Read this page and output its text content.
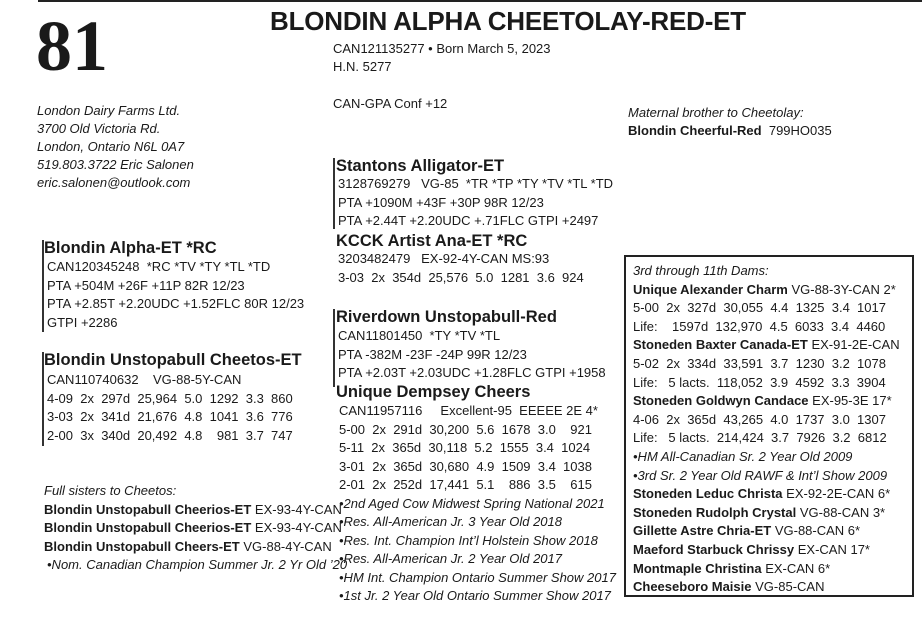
81	BLONDIN ALPHA CHEETOLAY-RED-ET
CAN121135277 • Born March 5, 2023
H.N. 5277
CAN-GPA Conf +12
London Dairy Farms Ltd.
3700 Old Victoria Rd.
London, Ontario N6L 0A7
519.803.3722 Eric Salonen
eric.salonen@outlook.com
Maternal brother to Cheetolay:
Blondin Cheerful-Red 799HO035
Stantons Alligator-ET
3128769279   VG-85  *TR *TP *TY *TV *TL *TD
PTA +1090M +43F +30P 98R 12/23
PTA +2.44T +2.20UDC +.71FLC GTPI +2497
KCCK Artist Ana-ET *RC
3203482479   EX-92-4Y-CAN MS:93
3-03  2x  354d  25,576  5.0  1281  3.6  924
Blondin Alpha-ET *RC
CAN120345248  *RC *TV *TY *TL *TD
PTA +504M +26F +11P 82R 12/23
PTA +2.85T +2.20UDC +1.52FLC 80R 12/23
GTPI +2286	Riverdown Unstopabull-Red
CAN11801450  *TY *TV *TL
PTA -382M -23F -24P 99R 12/23
PTA +2.03T +2.03UDC +1.28FLC GTPI +1958
Blondin Unstopabull Cheetos-ET
CAN110740632    VG-88-5Y-CAN
4-09  2x  297d  25,964  5.0  1292  3.3  860
3-03  2x  341d  21,676  4.8  1041  3.6  776
2-00  3x  340d  20,492  4.8    981  3.7  747
Unique Dempsey Cheers
CAN11957116     Excellent-95  EEEEE 2E 4*
5-00  2x  291d  30,200  5.6  1678  3.0    921
5-11  2x  365d  30,118  5.2  1555  3.4  1024
3-01  2x  365d  30,680  4.9  1509  3.4  1038
2-01  2x  252d  17,441  5.1    886  3.5    615
•2nd Aged Cow Midwest Spring National 2021
•Res. All-American Jr. 3 Year Old 2018
•Res. Int. Champion Int’l Holstein Show 2018
•Res. All-American Jr. 2 Year Old 2017
•HM Int. Champion Ontario Summer Show 2017
•1st Jr. 2 Year Old Ontario Summer Show 2017
Full sisters to Cheetos:
Blondin Unstopabull Cheerios-ET EX-93-4Y-CAN
Blondin Unstopabull Cheerios-ET EX-93-4Y-CAN
Blondin Unstopabull Cheers-ET VG-88-4Y-CAN
•Nom. Canadian Champion Summer Jr. 2 Yr Old ’20
3rd through 11th Dams:
Unique Alexander Charm VG-88-3Y-CAN 2*
5-00  2x  327d  30,055  4.4  1325  3.4  1017
Life:    1597d  132,970  4.5  6033  3.4  4460
Stoneden Baxter Canada-ET EX-91-2E-CAN
5-02  2x  334d  33,591  3.7  1230  3.2  1078
Life:   5 lacts.  118,052  3.9  4592  3.3  3904
Stoneden Goldwyn Candace EX-95-3E 17*
4-06  2x  365d  43,265  4.0  1737  3.0  1307
Life:   5 lacts.  214,424  3.7  7926  3.2  6812
•HM All-Canadian Sr. 2 Year Old 2009
•3rd Sr. 2 Year Old RAWF & Int’l Show 2009
Stoneden Leduc Christa EX-92-2E-CAN 6*
Stoneden Rudolph Crystal VG-88-CAN 3*
Gillette Astre Chria-ET VG-88-CAN 6*
Maeford Starbuck Chrissy EX-CAN 17*
Montmaple Christina EX-CAN 6*
Cheeseboro Maisie VG-85-CAN
